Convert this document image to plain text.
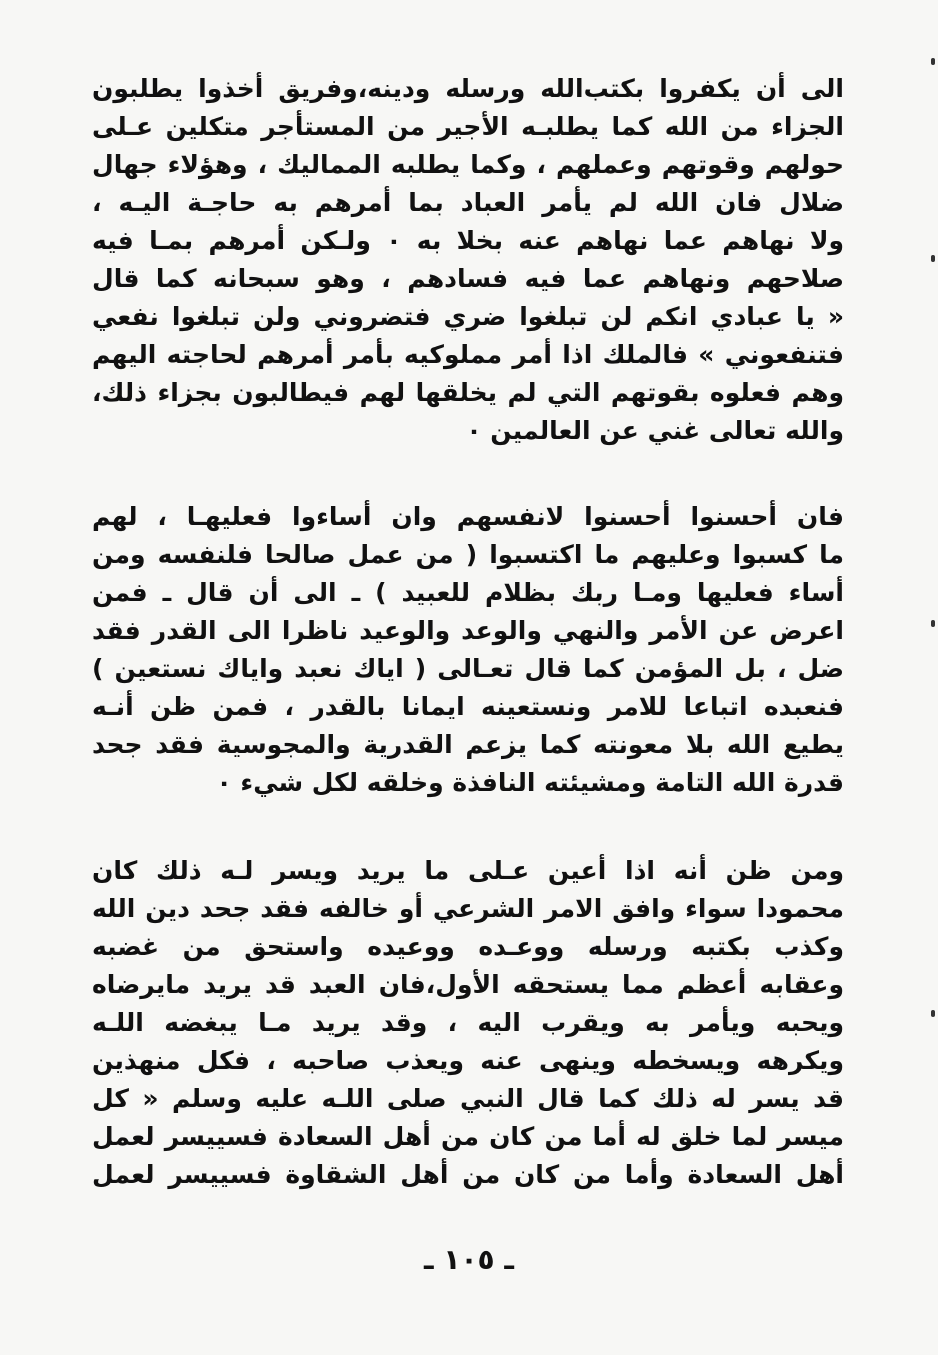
الى أن يكفروا بكتب‌الله ورسله ودينه،وفريق أخذوا يطلبون
الجزاء من الله كما يطلبـه الأجير من المستأجر متكلين عـلى
حولهم وقوتهم وعملهم ، وكما يطلبه المماليك ، وهؤلاء جهال
ضلال فان الله لم يأمر العباد بما أمرهم به حاجـة اليـه ،
ولا نهاهم عما نهاهم عنه بخلا به ٠ ولـكن أمرهم بمـا فيه
صلاحهم ونهاهم عما فيه فسادهم ، وهو سبحانه كما قال
« يا عبادي انكم لن تبلغوا ضري فتضروني ولن تبلغوا نفعي
فتنفعوني » فالملك اذا أمر مملوكيه بأمر أمرهم لحاجته اليهم
وهم فعلوه بقوتهم التي لم يخلقها لهم فيطالبون بجزاء ذلك،
والله تعالى غني عن العالمين ٠
فان أحسنوا أحسنوا لانفسهم وان أساءوا فعليهـا ، لهم
ما كسبوا وعليهم ما اكتسبوا ( من عمل صالحا فلنفسه ومن
أساء فعليها ومـا ربك بظلام للعبيد ) ـ الى أن قال ـ فمن
اعرض عن الأمر والنهي والوعد والوعيد ناظرا الى القدر فقد
ضل ، بل المؤمن كما قال تعـالى ( اياك نعبد واياك نستعين )
فنعبده اتباعا للامر ونستعينه ايمانا بالقدر ، فمن ظن أنـه
يطيع الله بلا معونته كما يزعم القدرية والمجوسية فقد جحد
قدرة الله التامة ومشيئته النافذة وخلقه لكل شيء ٠
ومن ظن أنه اذا أعين عـلى ما يريد ويسر لـه ذلك كان
محمودا سواء وافق الامر الشرعي أو خالفه فقد جحد دين الله
وكذب بكتبه ورسله ووعـده ووعيده واستحق من غضبه
وعقابه أعظم مما يستحقه الأول،فان العبد قد يريد مايرضاه
ويحبه ويأمر به ويقرب اليه ، وقد يريد مـا يبغضه اللـه
ويكرهه ويسخطه وينهى عنه ويعذب صاحبه ، فكل منهذين
قد يسر له ذلك كما قال النبي صلى اللـه عليه وسلم « كل
ميسر لما خلق له أما من كان من أهل السعادة فسييسر لعمل
أهل السعادة وأما من كان من أهل الشقاوة فسييسر لعمل
ـ ١٠٥ ـ
